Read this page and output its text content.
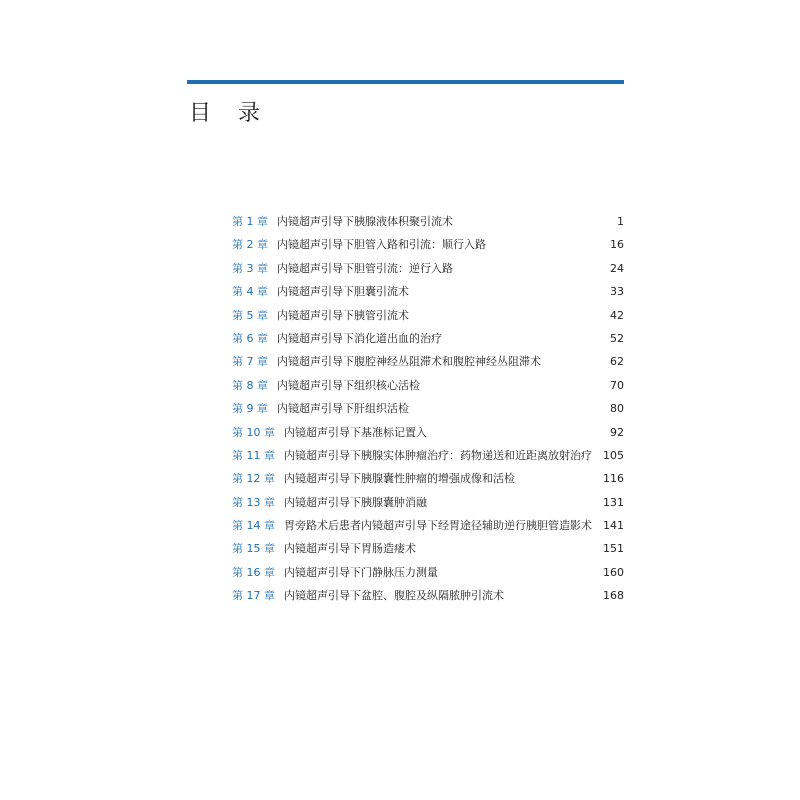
目 录
第 1 章 内镜超声引导下胰腺液体积聚引流术	1
第 2 章 内镜超声引导下胆管入路和引流：顺行入路	16
第 3 章 内镜超声引导下胆管引流：逆行入路	24
第 4 章 内镜超声引导下胆囊引流术	33
第 5 章 内镜超声引导下胰管引流术	42
第 6 章 内镜超声引导下消化道出血的治疗	52
第 7 章 内镜超声引导下腹腔神经丛阻滞术和腹腔神经丛阻滞术	62
第 8 章 内镜超声引导下组织核心活检	70
第 9 章 内镜超声引导下肝组织活检	80
第 10 章 内镜超声引导下基准标记置入	92
第 11 章 内镜超声引导下胰腺实体肿瘤治疗：药物递送和近距离放射治疗 105
第 12 章 内镜超声引导下胰腺囊性肿瘤的增强成像和活检	116
第 13 章 内镜超声引导下胰腺囊肿消融	131
第 14 章 胃旁路术后患者内镜超声引导下经胃途径辅助逆行胰胆管造影术 141
第 15 章 内镜超声引导下胃肠造瘘术	151
第 16 章 内镜超声引导下门静脉压力测量	160
第 17 章 内镜超声引导下盆腔、腹腔及纵隔脓肿引流术	168
